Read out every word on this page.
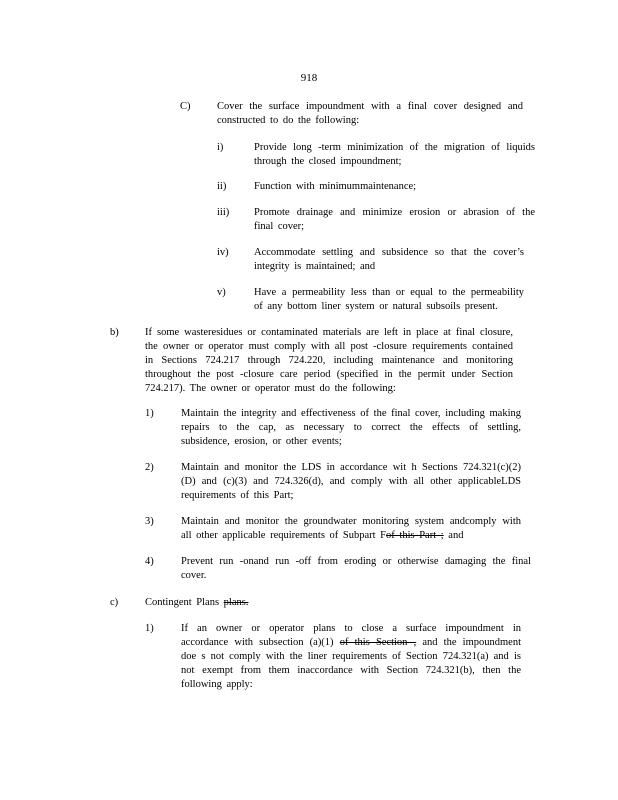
918
C)	Cover the surface impoundment with a final cover designed and constructed to do the following:
i)	Provide long -term minimization of the migration of liquids through the closed impoundment;
ii)	Function with minimummaintenance;
iii) Promote drainage and minimize erosion or abrasion of the final cover;
iv) Accommodate settling and subsidence so that the cover’s integrity is maintained; and
v)	Have a permeability less than or equal to the permeability of any bottom liner system or natural subsoils present.
b)	If some wasteresidues or contaminated materials are left in place at final closure, the owner or operator must comply with all post -closure requirements contained in Sections 724.217 through 724.220, including maintenance and monitoring throughout the post -closure care period (specified in the permit under Section 724.217). The owner or operator must do the following:
1)	Maintain the integrity and effectiveness of the final cover, including making repairs to the cap, as necessary to correct the effects of settling, subsidence, erosion, or other events;
2)	Maintain and monitor the LDS in accordance wit h Sections 724.321(c)(2)(D) and (c)(3) and 724.326(d), and comply with all other applicableLDS requirements of this Part;
3)	Maintain and monitor the groundwater monitoring system andcomply with all other applicable requirements of Subpart Fof this Part ; and
4)	Prevent run -onand run -off from eroding or otherwise damaging the final cover.
c)	Contingent Plans plans.
1)	If an owner or operator plans to close a surface impoundment in accordance with subsection (a)(1) of this Section , and the impoundment doe s not comply with the liner requirements of Section 724.321(a) and is not exempt from them inaccordance with Section 724.321(b), then the following apply:
